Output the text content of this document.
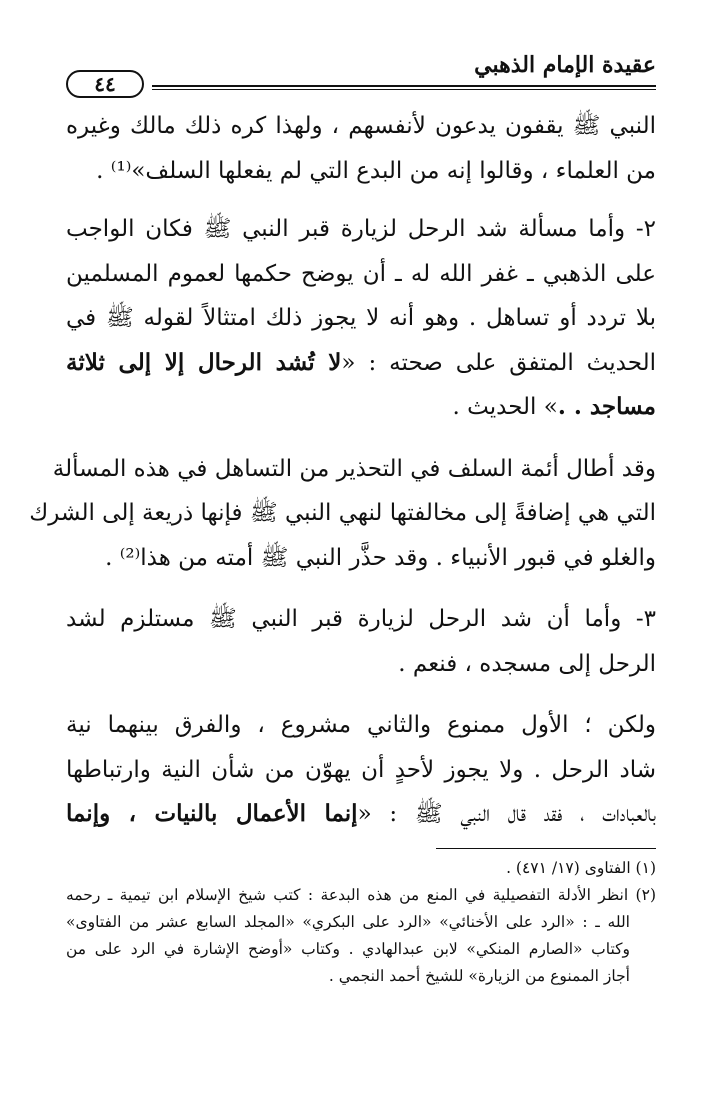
عقيدة الإمام الذهبي
٤٤
النبي ﷺ يقفون يدعون لأنفسهم ، ولهذا كره ذلك مالك وغيره
من العلماء ، وقالوا إنه من البدع التي لم يفعلها السلف»⁽¹⁾ .
٢- وأما مسألة شد الرحل لزيارة قبر النبي ﷺ فكان الواجب
على الذهبي ـ غفر الله له ـ أن يوضح حكمها لعموم المسلمين
بلا تردد أو تساهل . وهو أنه لا يجوز ذلك امتثالاً لقوله ﷺ في
الحديث المتفق على صحته : «لا تُشد الرحال إلا إلى ثلاثة
مساجد . .» الحديث .
وقد أطال أئمة السلف في التحذير من التساهل في هذه المسألة
التي هي إضافةً إلى مخالفتها لنهي النبي ﷺ فإنها ذريعة إلى الشرك
والغلو في قبور الأنبياء . وقد حذَّر النبي ﷺ أمته من هذا⁽²⁾ .
٣- وأما أن شد الرحل لزيارة قبر النبي ﷺ مستلزم لشد
الرحل إلى مسجده ، فنعم .
ولكن ؛ الأول ممنوع والثاني مشروع ، والفرق بينهما نية
شاد الرحل . ولا يجوز لأحدٍ أن يهوّن من شأن النية وارتباطها
بالعبادات ، فقد قال النبي ﷺ : «إنما الأعمال بالنيات ، وإنما
(١) الفتاوى (١٧/ ٤٧١) .
(٢) انظر الأدلة التفصيلية في المنع من هذه البدعة : كتب شيخ الإسلام ابن تيمية ـ رحمه
الله ـ : «الرد على الأخنائي» «الرد على البكري» «المجلد السابع عشر من الفتاوى»
وكتاب «الصارم المنكي» لابن عبدالهادي . وكتاب «أوضح الإشارة في الرد على من
أجاز الممنوع من الزيارة» للشيخ أحمد النجمي .
